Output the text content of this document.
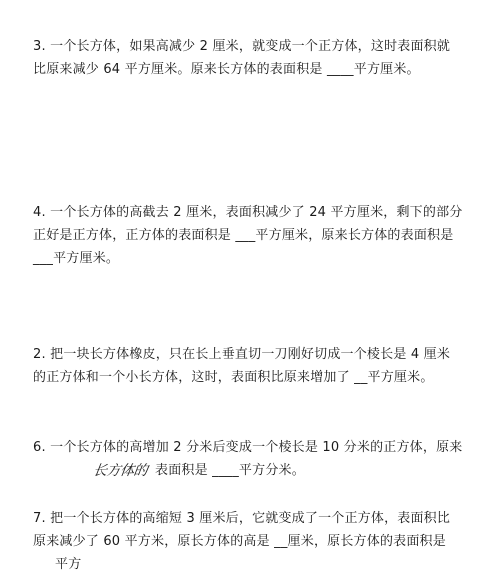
3. 一个长方体，如果高减少 2 厘米，就变成一个正方体，这时表面积就
比原来减少 64 平方厘米。原来长方体的表面积是 ____平方厘米。
4. 一个长方体的高截去 2 厘米，表面积减少了 24 平方厘米，剩下的部分
正好是正方体，正方体的表面积是 ___平方厘米，原来长方体的表面积是
___平方厘米。
2. 把一块长方体橡皮，只在长上垂直切一刀刚好切成一个棱长是 4 厘米
的正方体和一个小长方体，这时，表面积比原来增加了 __平方厘米。
6. 一个长方体的高增加 2 分米后变成一个棱长是 10 分米的正方体，原来
长方体的 表面积是 ____平方分米。
7. 把一个长方体的高缩短 3 厘米后，它就变成了一个正方体，表面积比
原来减少了 60 平方米，原长方体的高是 __厘米，原长方体的表面积是
平方
